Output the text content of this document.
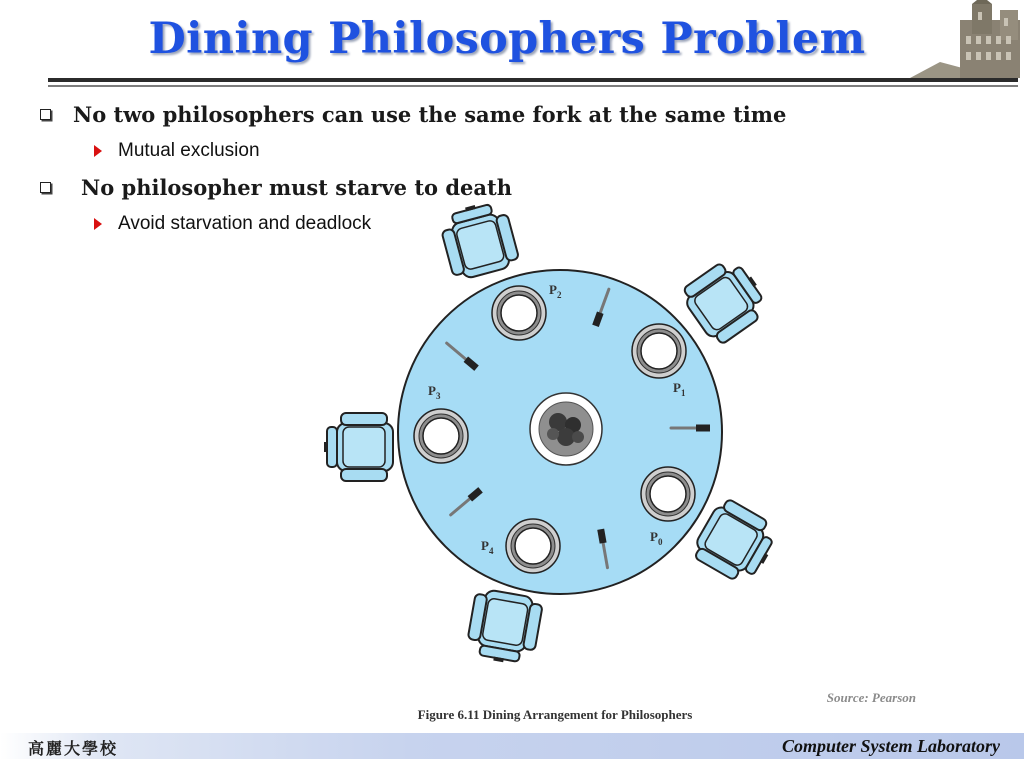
Dining Philosophers Problem
No two philosophers can use the same fork at the same time
Mutual exclusion
No philosopher must starve to death
Avoid starvation and deadlock
$P_2$
$P_1$
$P_3$
$P_0$
$P_4$
Source: Pearson
Figure 6.11 Dining Arrangement for Philosophers
高麗大學校	Computer System Laboratory
